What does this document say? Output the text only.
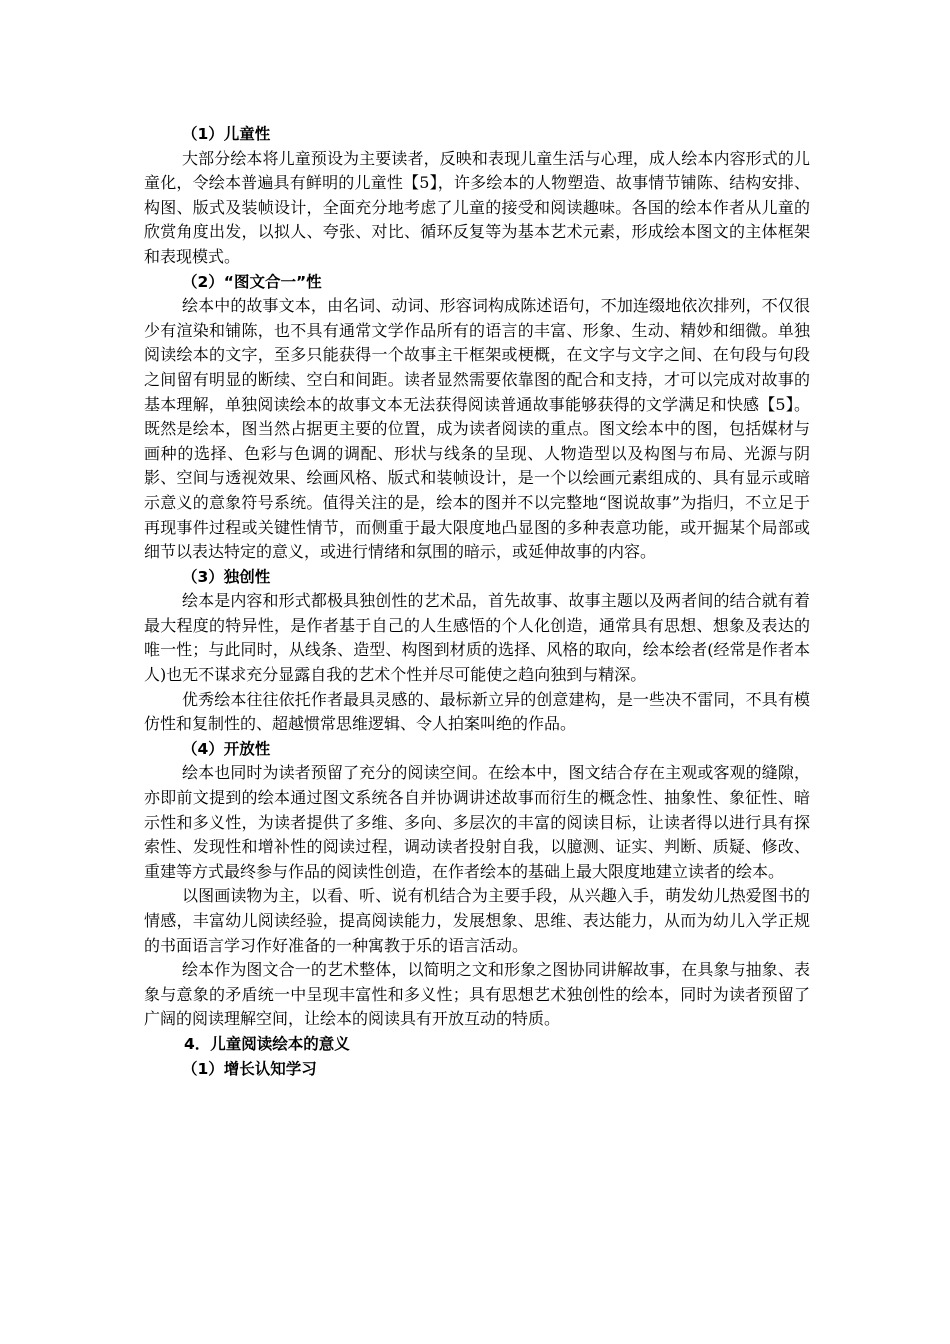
（1）儿童性

大部分绘本将儿童预设为主要读者，反映和表现儿童生活与心理，成人绘本内容形式的儿童化，令绘本普遍具有鲜明的儿童性【5】，许多绘本的人物塑造、故事情节铺陈、结构安排、构图、版式及装帧设计，全面充分地考虑了儿童的接受和阅读趣味。各国的绘本作者从儿童的欣赏角度出发，以拟人、夸张、对比、循环反复等为基本艺术元素，形成绘本图文的主体框架和表现模式。

（2）“图文合一”性

绘本中的故事文本，由名词、动词、形容词构成陈述语句，不加连缀地依次排列，不仅很少有渲染和铺陈，也不具有通常文学作品所有的语言的丰富、形象、生动、精妙和细微。单独阅读绘本的文字，至多只能获得一个故事主干框架或梗概，在文字与文字之间、在句段与句段之间留有明显的断续、空白和间距。读者显然需要依靠图的配合和支持，才可以完成对故事的基本理解，单独阅读绘本的故事文本无法获得阅读普通故事能够获得的文学满足和快感【5】。既然是绘本，图当然占据更主要的位置，成为读者阅读的重点。图文绘本中的图，包括媒材与画种的选择、色彩与色调的调配、形状与线条的呈现、人物造型以及构图与布局、光源与阴影、空间与透视效果、绘画风格、版式和装帧设计，是一个以绘画元素组成的、具有显示或暗示意义的意象符号系统。值得关注的是，绘本的图并不以完整地“图说故事”为指归，不立足于再现事件过程或关键性情节，而侧重于最大限度地凸显图的多种表意功能，或开掘某个局部或细节以表达特定的意义，或进行情绪和氛围的暗示，或延伸故事的内容。

（3）独创性

绘本是内容和形式都极具独创性的艺术品，首先故事、故事主题以及两者间的结合就有着最大程度的特异性，是作者基于自己的人生感悟的个人化创造，通常具有思想、想象及表达的唯一性；与此同时，从线条、造型、构图到材质的选择、风格的取向，绘本绘者(经常是作者本人)也无不谋求充分显露自我的艺术个性并尽可能使之趋向独到与精深。

优秀绘本往往依托作者最具灵感的、最标新立异的创意建构，是一些决不雷同，不具有模仿性和复制性的、超越惯常思维逻辑、令人拍案叫绝的作品。

（4）开放性

绘本也同时为读者预留了充分的阅读空间。在绘本中，图文结合存在主观或客观的缝隙，亦即前文提到的绘本通过图文系统各自并协调讲述故事而衍生的概念性、抽象性、象征性、暗示性和多义性，为读者提供了多维、多向、多层次的丰富的阅读目标，让读者得以进行具有探索性、发现性和增补性的阅读过程，调动读者投射自我，以臆测、证实、判断、质疑、修改、重建等方式最终参与作品的阅读性创造，在作者绘本的基础上最大限度地建立读者的绘本。

以图画读物为主，以看、听、说有机结合为主要手段，从兴趣入手，萌发幼儿热爱图书的情感，丰富幼儿阅读经验，提高阅读能力，发展想象、思维、表达能力，从而为幼儿入学正规的书面语言学习作好准备的一种寓教于乐的语言活动。

绘本作为图文合一的艺术整体，以简明之文和形象之图协同讲解故事，在具象与抽象、表象与意象的矛盾统一中呈现丰富性和多义性；具有思想艺术独创性的绘本，同时为读者预留了广阔的阅读理解空间，让绘本的阅读具有开放互动的特质。

4．儿童阅读绘本的意义

（1）增长认知学习
